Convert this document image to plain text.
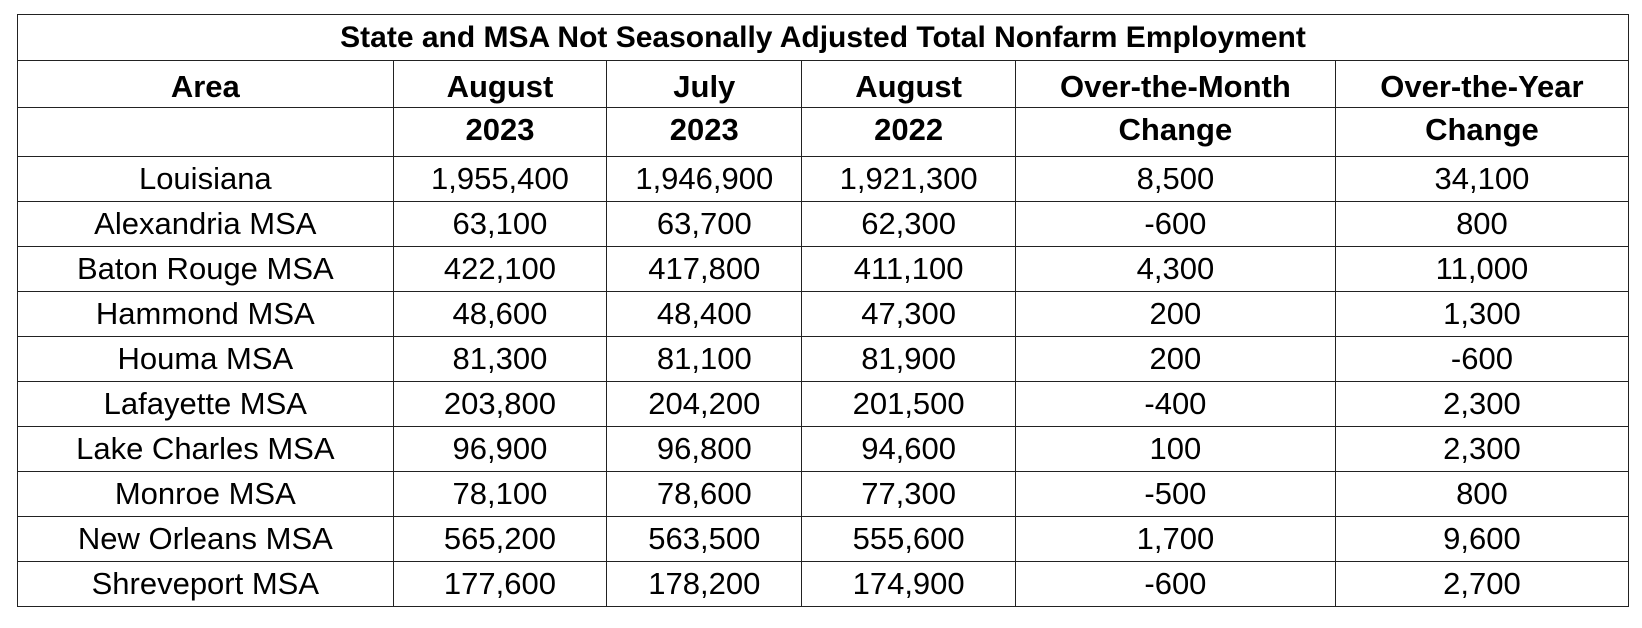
State and MSA Not Seasonally Adjusted Total Nonfarm Employment					
Area	August	July	August	Over-the-Month	Over-the-Year
	2023	2023	2022	Change	Change
Louisiana	1,955,400	1,946,900	1,921,300	8,500	34,100
Alexandria MSA	63,100	63,700	62,300	-600	800
Baton Rouge MSA	422,100	417,800	411,100	4,300	11,000
Hammond MSA	48,600	48,400	47,300	200	1,300
Houma MSA	81,300	81,100	81,900	200	-600
Lafayette MSA	203,800	204,200	201,500	-400	2,300
Lake Charles MSA	96,900	96,800	94,600	100	2,300
Monroe MSA	78,100	78,600	77,300	-500	800
New Orleans MSA	565,200	563,500	555,600	1,700	9,600
Shreveport MSA	177,600	178,200	174,900	-600	2,700
